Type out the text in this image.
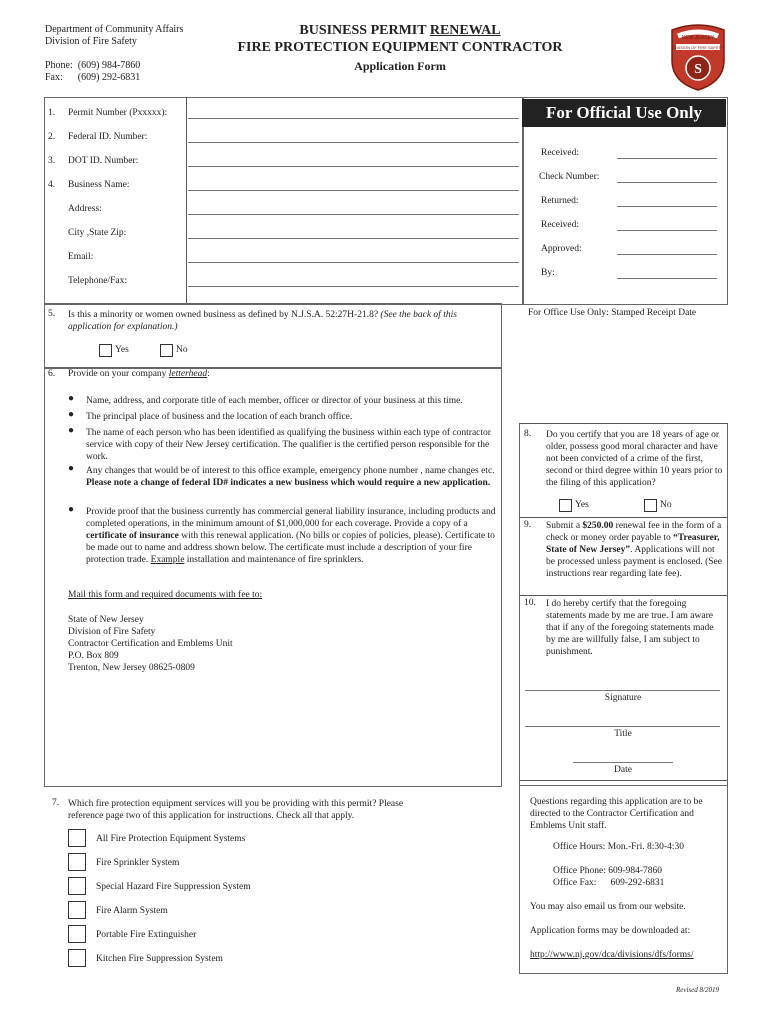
Department of Community Affairs
Division of Fire Safety
Phone: (609) 984-7860
Fax: (609) 292-6831
BUSINESS PERMIT RENEWAL
FIRE PROTECTION EQUIPMENT CONTRACTOR
Application Form
NEW JERSEY
DIVISION OF FIRE SAFETY
S
1. Permit Number (Pxxxxx):
2. Federal ID. Number:
3. DOT ID. Number:
4. Business Name:
Address:
City ,State Zip:
Email:
Telephone/Fax:
For Official Use Only
Received:
Check Number:
Returned:
Received:
Approved:
By:
5. Is this a minority or women owned business as defined by N.J.S.A. 52:27H-21.8? (See the back of this application for explanation.)
Yes	No
For Office Use Only: Stamped Receipt Date
6. Provide on your company letterhead:
● Name, address, and corporate title of each member, officer or director of your business at this time.
● The principal place of business and the location of each branch office.
● The name of each person who has been identified as qualifying the business within each type of contractor service with copy of their New Jersey certification. The qualifier is the certified person responsible for the work.
● Any changes that would be of interest to this office example, emergency phone number , name changes etc. Please note a change of federal ID# indicates a new business which would require a new application.
● Provide proof that the business currently has commercial general liability insurance, including products and completed operations, in the minimum amount of $1,000,000 for each coverage. Provide a copy of a certificate of insurance with this renewal application. (No bills or copies of policies, please). Certificate to be made out to name and address shown below. The certificate must include a description of your fire protection trade. Example installation and maintenance of fire sprinklers.
Mail this form and required documents with fee to:
State of New Jersey
Division of Fire Safety
Contractor Certification and Emblems Unit
P.O. Box 809
Trenton, New Jersey 08625-0809
8. Do you certify that you are 18 years of age or older, possess good moral character and have not been convicted of a crime of the first, second or third degree within 10 years prior to the filing of this application?
Yes	No
9. Submit a $250.00 renewal fee in the form of a check or money order payable to “Treasurer, State of New Jersey”. Applications will not be processed unless payment is enclosed. (See instructions rear regarding late fee).
10. I do hereby certify that the foregoing statements made by me are true. I am aware that if any of the foregoing statements made by me are willfully false, I am subject to punishment.
Signature
Title
Date
7. Which fire protection equipment services will you be providing with this permit? Please reference page two of this application for instructions. Check all that apply.
All Fire Protection Equipment Systems
Fire Sprinkler System
Special Hazard Fire Suppression System
Fire Alarm System
Portable Fire Extinguisher
Kitchen Fire Suppression System
Questions regarding this application are to be directed to the Contractor Certification and Emblems Unit staff.
Office Hours: Mon.-Fri. 8:30-4:30
Office Phone: 609-984-7860
Office Fax:      609-292-6831
You may also email us from our website.
Application forms may be downloaded at:
http://www.nj.gov/dca/divisions/dfs/forms/
Revised 8/2019
